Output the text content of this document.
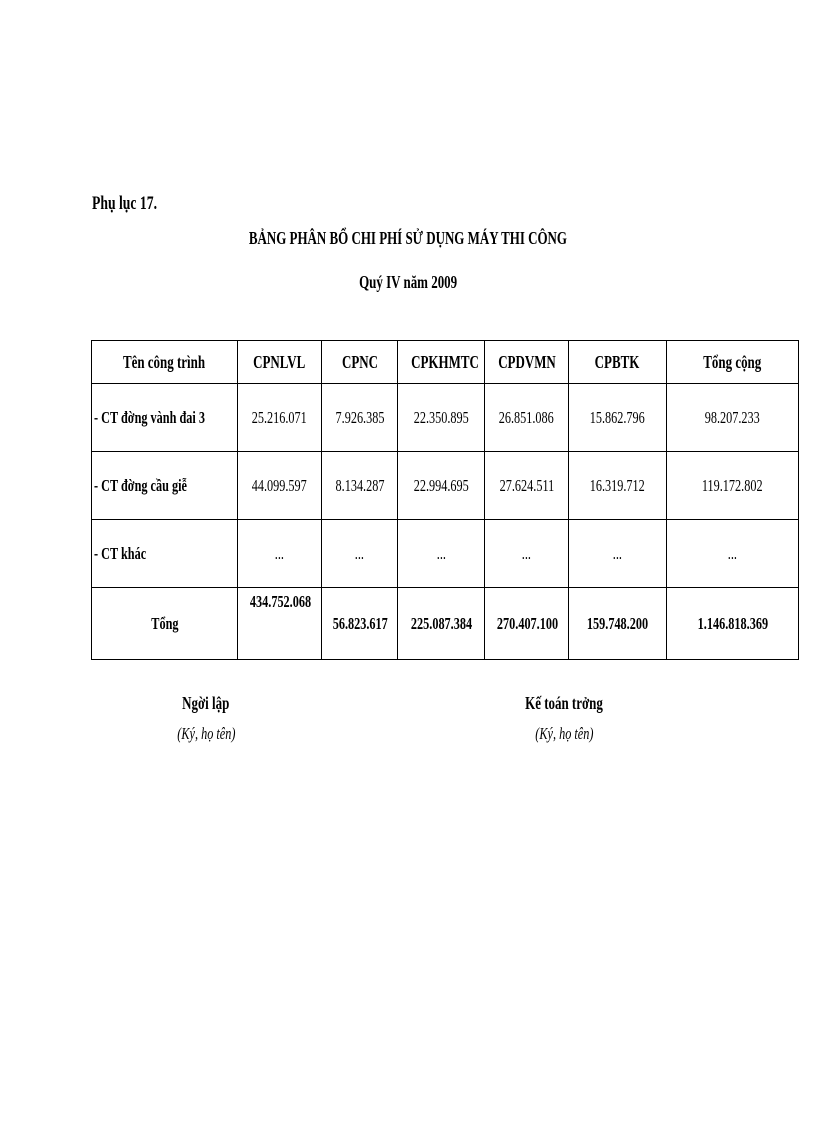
Phụ lục 17.
BẢNG PHÂN BỔ CHI PHÍ SỬ DỤNG MÁY THI CÔNG
Quý IV năm 2009
Tên công trình	CPNLVL	CPNC	CPKHMTC	CPDVMN	CPBTK	Tổng cộng
- CT đờng vành đai 3	25.216.071	7.926.385	22.350.895	26.851.086	15.862.796	98.207.233
- CT đờng cầu giễ	44.099.597	8.134.287	22.994.695	27.624.511	16.319.712	119.172.802
- CT khác	...	...	...	...	...	...
Tổng	434.752.068	56.823.617	225.087.384	270.407.100	159.748.200	1.146.818.369
Ngời lập
(Ký, họ tên)
Kế toán trởng
(Ký, họ tên)
